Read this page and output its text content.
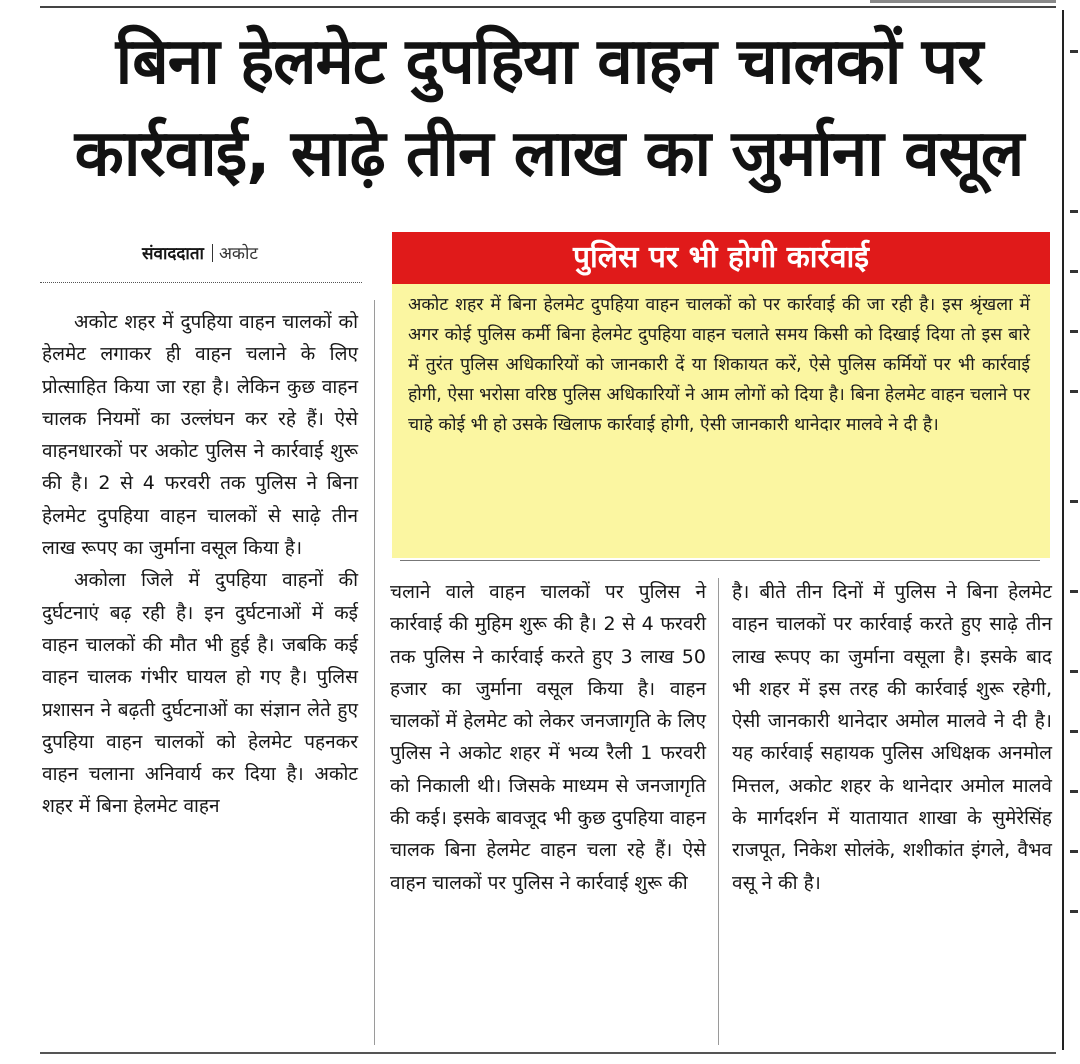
बिना हेलमेट दुपहिया वाहन चालकों पर
कार्रवाई, साढ़े तीन लाख का जुर्माना वसूल
संवाददाता अकोट	पुलिस पर भी होगी कार्रवाई
अकोट शहर में बिना हेलमेट दुपहिया वाहन चालकों को पर कार्रवाई की जा रही है। इस श्रृंखला में अगर कोई पुलिस कर्मी बिना हेलमेट दुपहिया वाहन चलाते समय किसी को दिखाई दिया तो इस बारे में तुरंत पुलिस अधिकारियों को जानकारी दें या शिकायत करें, ऐसे पुलिस कर्मियों पर भी कार्रवाई होगी, ऐसा भरोसा वरिष्ठ पुलिस अधिकारियों ने आम लोगों को दिया है। बिना हेलमेट वाहन चलाने पर चाहे कोई भी हो उसके खिलाफ कार्रवाई होगी, ऐसी जानकारी थानेदार मालवे ने दी है।

अकोट शहर में दुपहिया वाहन चालकों को हेलमेट लगाकर ही वाहन चलाने के लिए प्रोत्साहित किया जा रहा है। लेकिन कुछ वाहन चालक नियमों का उल्लंघन कर रहे हैं। ऐसे वाहनधारकों पर अकोट पुलिस ने कार्रवाई शुरू की है। 2 से 4 फरवरी तक पुलिस ने बिना हेलमेट दुपहिया वाहन चालकों से साढ़े तीन लाख रूपए का जुर्माना वसूल किया है।

अकोला जिले में दुपहिया वाहनों की दुर्घटनाएं बढ़ रही है। इन दुर्घटनाओं में कई वाहन चालकों की मौत भी हुई है। जबकि कई वाहन चालक गंभीर घायल हो गए है। पुलिस प्रशासन ने बढ़ती दुर्घटनाओं का संज्ञान लेते हुए दुपहिया वाहन चालकों को हेलमेट पहनकर वाहन चलाना अनिवार्य कर दिया है। अकोट शहर में बिना हेलमेट वाहन

चलाने वाले वाहन चालकों पर पुलिस ने कार्रवाई की मुहिम शुरू की है। 2 से 4 फरवरी तक पुलिस ने कार्रवाई करते हुए 3 लाख 50 हजार का जुर्माना वसूल किया है। वाहन चालकों में हेलमेट को लेकर जनजागृति के लिए पुलिस ने अकोट शहर में भव्य रैली 1 फरवरी को निकाली थी। जिसके माध्यम से जनजागृति की कई। इसके बावजूद भी कुछ दुपहिया वाहन चालक बिना हेलमेट वाहन चला रहे हैं। ऐसे वाहन चालकों पर पुलिस ने कार्रवाई शुरू की

है। बीते तीन दिनों में पुलिस ने बिना हेलमेट वाहन चालकों पर कार्रवाई करते हुए साढ़े तीन लाख रूपए का जुर्माना वसूला है। इसके बाद भी शहर में इस तरह की कार्रवाई शुरू रहेगी, ऐसी जानकारी थानेदार अमोल मालवे ने दी है। यह कार्रवाई सहायक पुलिस अधिक्षक अनमोल मित्तल, अकोट शहर के थानेदार अमोल मालवे के मार्गदर्शन में यातायात शाखा के सुमेरेसिंह राजपूत, निकेश सोलंके, शशीकांत इंगले, वैभव वसू ने की है।
